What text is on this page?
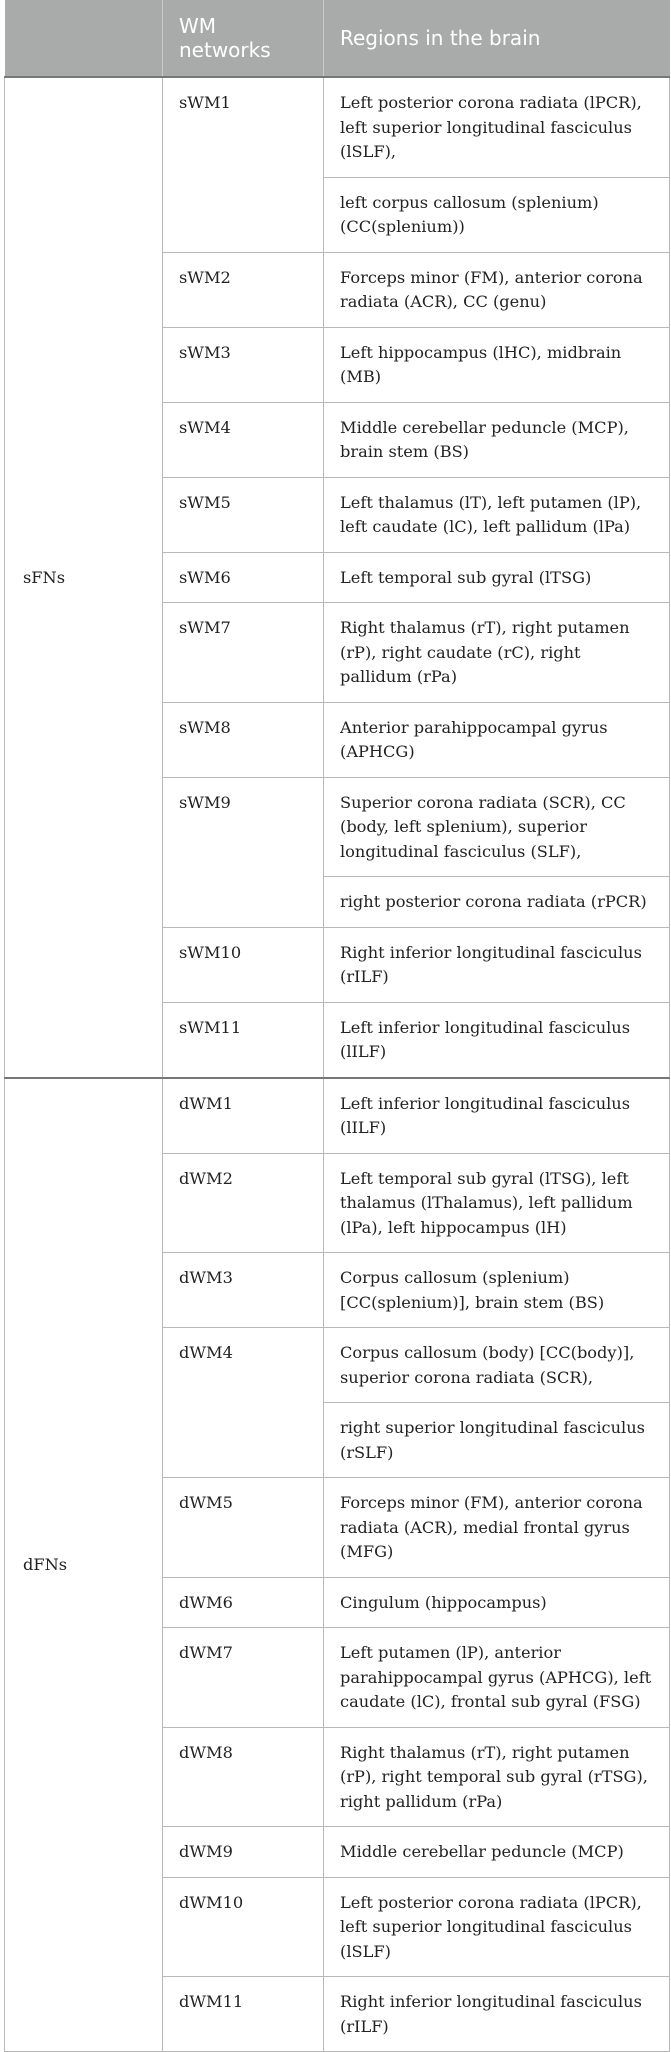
	WM networks	Regions in the brain
sFNs	sWM1	Left posterior corona radiata (lPCR), left superior longitudinal fasciculus (lSLF),
		left corpus callosum (splenium) (CC(splenium))
	sWM2	Forceps minor (FM), anterior corona radiata (ACR), CC (genu)
	sWM3	Left hippocampus (lHC), midbrain (MB)
	sWM4	Middle cerebellar peduncle (MCP), brain stem (BS)
	sWM5	Left thalamus (lT), left putamen (lP), left caudate (lC), left pallidum (lPa)
	sWM6	Left temporal sub gyral (lTSG)
	sWM7	Right thalamus (rT), right putamen (rP), right caudate (rC), right pallidum (rPa)
	sWM8	Anterior parahippocampal gyrus (APHCG)
	sWM9	Superior corona radiata (SCR), CC (body, left splenium), superior longitudinal fasciculus (SLF),
		right posterior corona radiata (rPCR)
	sWM10	Right inferior longitudinal fasciculus (rILF)
	sWM11	Left inferior longitudinal fasciculus (lILF)
dFNs	dWM1	Left inferior longitudinal fasciculus (lILF)
	dWM2	Left temporal sub gyral (lTSG), left thalamus (lThalamus), left pallidum (lPa), left hippocampus (lH)
	dWM3	Corpus callosum (splenium) [CC(splenium)], brain stem (BS)
	dWM4	Corpus callosum (body) [CC(body)], superior corona radiata (SCR),
		right superior longitudinal fasciculus (rSLF)
	dWM5	Forceps minor (FM), anterior corona radiata (ACR), medial frontal gyrus (MFG)
	dWM6	Cingulum (hippocampus)
	dWM7	Left putamen (lP), anterior parahippocampal gyrus (APHCG), left caudate (lC), frontal sub gyral (FSG)
	dWM8	Right thalamus (rT), right putamen (rP), right temporal sub gyral (rTSG), right pallidum (rPa)
	dWM9	Middle cerebellar peduncle (MCP)
	dWM10	Left posterior corona radiata (lPCR), left superior longitudinal fasciculus (lSLF)
	dWM11	Right inferior longitudinal fasciculus (rILF)
